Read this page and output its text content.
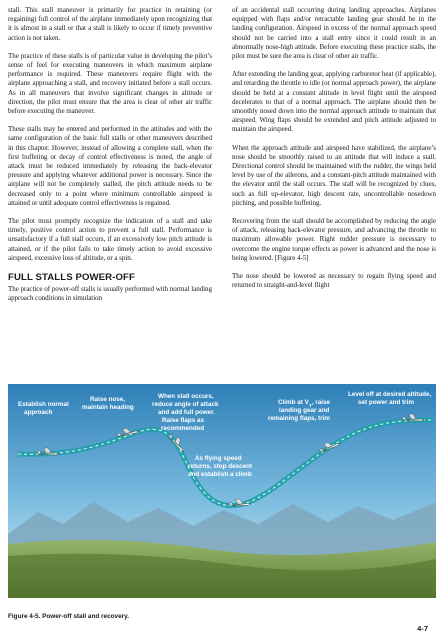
stall. This stall maneuver is primarily for practice in retaining (or regaining) full control of the airplane immediately upon recognizing that it is almost in a stall or that a stall is likely to occur if timely preventive action is not taken.

The practice of these stalls is of particular value in developing the pilot’s sense of feel for executing maneuvers in which maximum airplane performance is required. These maneuvers require flight with the airplane approaching a stall, and recovery initiated before a stall occurs. As in all maneuvers that involve significant changes in altitude or direction, the pilot must ensure that the area is clear of other air traffic before executing the maneuver.

These stalls may be entered and performed in the attitudes and with the same configuration of the basic full stalls or other maneuvers described in this chapter. However, instead of allowing a complete stall, when the first buffeting or decay of control effectiveness is noted, the angle of attack must be reduced immediately by releasing the back-elevator pressure and applying whatever additional power is necessary. Since the airplane will not be completely stalled, the pitch attitude needs to be decreased only to a point where minimum controllable airspeed is attained or until adequate control effectiveness is regained.

The pilot must promptly recognize the indication of a stall and take timely, positive control action to prevent a full stall. Performance is unsatisfactory if a full stall occurs, if an excessively low pitch attitude is attained, or if the pilot fails to take timely action to avoid excessive airspeed, excessive loss of altitude, or a spin.

FULL STALLS POWER-OFF

The practice of power-off stalls is usually performed with normal landing approach conditions in simulation

of an accidental stall occurring during landing approaches. Airplanes equipped with flaps and/or retractable landing gear should be in the landing configuration. Airspeed in excess of the normal approach speed should not be carried into a stall entry since it could result in an abnormally nose-high attitude. Before executing these practice stalls, the pilot must be sure the area is clear of other air traffic.

After extending the landing gear, applying carburetor heat (if applicable), and retarding the throttle to idle (or normal approach power), the airplane should be held at a constant altitude in level flight until the airspeed decelerates to that of a normal approach. The airplane should then be smoothly nosed down into the normal approach attitude to maintain that airspeed. Wing flaps should be extended and pitch attitude adjusted to maintain the airspeed.

When the approach attitude and airspeed have stabilized, the airplane’s nose should be smoothly raised to an attitude that will induce a stall. Directional control should be maintained with the rudder, the wings held level by use of the ailerons, and a constant-pitch attitude maintained with the elevator until the stall occurs. The stall will be recognized by clues, such as full up-elevator, high descent rate, uncontrollable nosedown pitching, and possible buffeting.

Recovering from the stall should be accomplished by reducing the angle of attack, releasing back-elevator pressure, and advancing the throttle to maximum allowable power. Right rudder pressure is necessary to overcome the engine torque effects as power is advanced and the nose is being lowered. [Figure 4-5]

The nose should be lowered as necessary to regain flying speed and returned to straight-and-level flight

Establish normal approach
Raise nose, maintain heading
When stall occurs, reduce angle of attack and add full power. Raise flaps as recommended
As flying speed returns, stop descent and establish a climb
Climb at $V_Y$, raise landing gear and remaining flaps, trim
Level off at desired altitude, set power and trim
Figure 4-5. Power-off stall and recovery.
4-7
